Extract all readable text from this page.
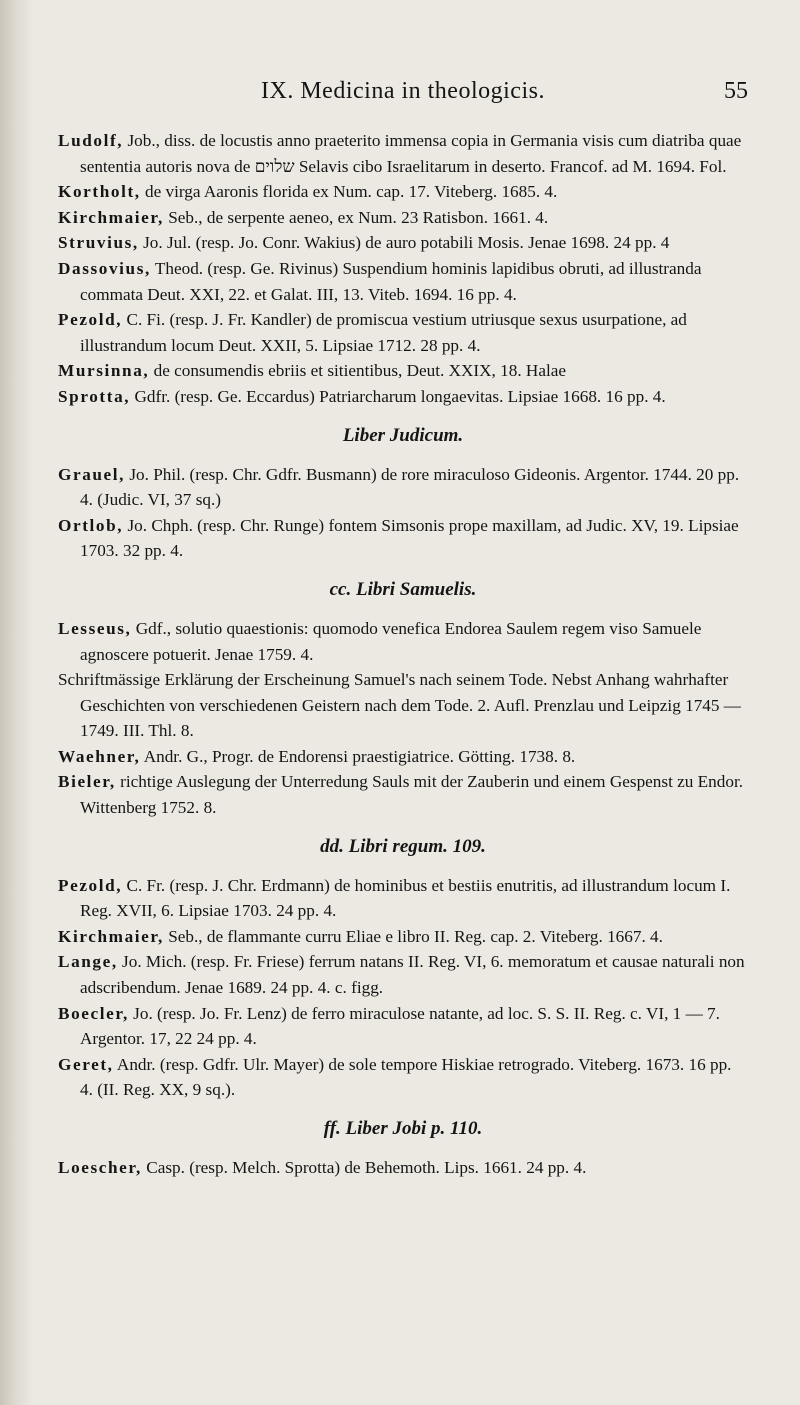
IX. Medicina in theologicis.	55
Ludolf, Job., diss. de locustis anno praeterito immensa copia in Germania visis cum diatriba quae sententia autoris nova de שלוים Selavis cibo Israelitarum in deserto. Francof. ad M. 1694. Fol.
Kortholt, de virga Aaronis florida ex Num. cap. 17. Viteberg. 1685. 4.
Kirchmaier, Seb., de serpente aeneo, ex Num. 23 Ratisbon. 1661. 4.
Struvius, Jo. Jul. (resp. Jo. Conr. Wakius) de auro potabili Mosis. Jenae 1698. 24 pp. 4
Dassovius, Theod. (resp. Ge. Rivinus) Suspendium hominis lapidibus obruti, ad illustranda commata Deut. XXI, 22. et Galat. III, 13. Viteb. 1694. 16 pp. 4.
Pezold, C. Fi. (resp. J. Fr. Kandler) de promiscua vestium utriusque sexus usurpatione, ad illustrandum locum Deut. XXII, 5. Lipsiae 1712. 28 pp. 4.
Mursinna, de consumendis ebriis et sitientibus, Deut. XXIX, 18. Halae
Sprotta, Gdfr. (resp. Ge. Eccardus) Patriarcharum longaevitas. Lipsiae 1668. 16 pp. 4.
Liber Judicum.
Grauel, Jo. Phil. (resp. Chr. Gdfr. Busmann) de rore miraculoso Gideonis. Argentor. 1744. 20 pp. 4. (Judic. VI, 37 sq.)
Ortlob, Jo. Chph. (resp. Chr. Runge) fontem Simsonis prope maxillam, ad Judic. XV, 19. Lipsiae 1703. 32 pp. 4.
cc. Libri Samuelis.
Lesseus, Gdf., solutio quaestionis: quomodo venefica Endorea Saulem regem viso Samuele agnoscere potuerit. Jenae 1759. 4.
Schriftmässige Erklärung der Erscheinung Samuel's nach seinem Tode. Nebst Anhang wahrhafter Geschichten von verschiedenen Geistern nach dem Tode. 2. Aufl. Prenzlau und Leipzig 1745 — 1749. III. Thl. 8.
Waehner, Andr. G., Progr. de Endorensi praestigiatrice. Götting. 1738. 8.
Bieler, richtige Auslegung der Unterredung Sauls mit der Zauberin und einem Gespenst zu Endor. Wittenberg 1752. 8.
dd. Libri regum. 109.
Pezold, C. Fr. (resp. J. Chr. Erdmann) de hominibus et bestiis enutritis, ad illustrandum locum I. Reg. XVII, 6. Lipsiae 1703. 24 pp. 4.
Kirchmaier, Seb., de flammante curru Eliae e libro II. Reg. cap. 2. Viteberg. 1667. 4.
Lange, Jo. Mich. (resp. Fr. Friese) ferrum natans II. Reg. VI, 6. memoratum et causae naturali non adscribendum. Jenae 1689. 24 pp. 4. c. figg.
Boecler, Jo. (resp. Jo. Fr. Lenz) de ferro miraculose natante, ad loc. S. S. II. Reg. c. VI, 1 — 7. Argentor. 17, 22 24 pp. 4.
Geret, Andr. (resp. Gdfr. Ulr. Mayer) de sole tempore Hiskiae retrogrado. Viteberg. 1673. 16 pp. 4. (II. Reg. XX, 9 sq.).
ff. Liber Jobi p. 110.
Loescher, Casp. (resp. Melch. Sprotta) de Behemoth. Lips. 1661. 24 pp. 4.
